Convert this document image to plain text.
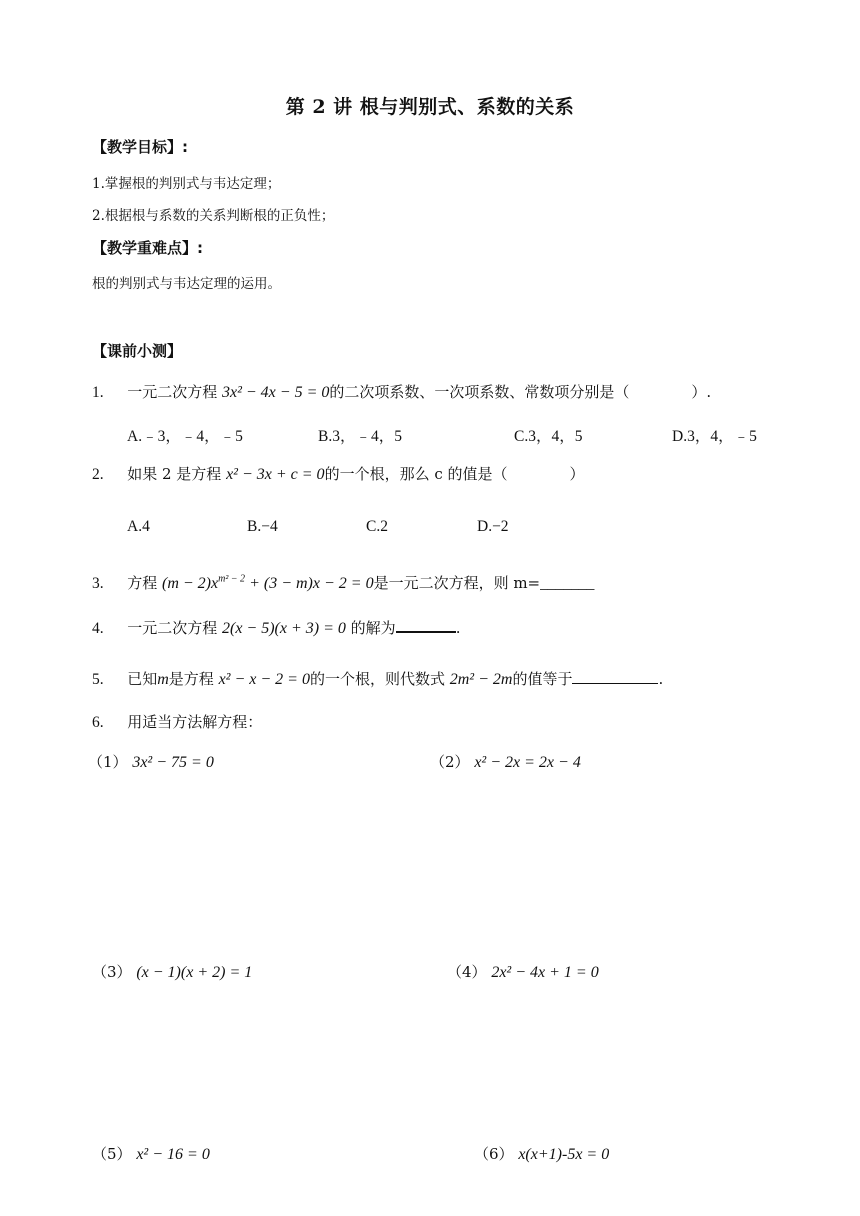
第 2 讲 根与判别式、系数的关系
【教学目标】:
1.掌握根的判别式与韦达定理；
2.根据根与系数的关系判断根的正负性；
【教学重难点】:
根的判别式与韦达定理的运用。
【课前小测】
1. 一元二次方程 3x² − 4x − 5 = 0的二次项系数、一次项系数、常数项分别是（	）.
A.﹣3，﹣4，﹣5	B.3，﹣4，5	C.3，4，5	D.3，4，﹣5
2. 如果 2 是方程 x² − 3x + c = 0的一个根，那么 c 的值是（	）
A.4	B.−4	C.2	D.−2
3. 方程 $(m - 2)x^{m^2 - 2} + (3 - m)x - 2 = 0$是一元二次方程，则 m=_______
4. 一元二次方程 2(x − 5)(x + 3) = 0 的解为	.
5. 已知m是方程 x² − x − 2 = 0的一个根，则代数式 2m² − 2m的值等于	.
6. 用适当方法解方程：
（1） 3x² − 75 = 0	（2） x² − 2x = 2x − 4
（3） (x − 1)(x + 2) = 1	（4） 2x² − 4x + 1 = 0
（5） x² − 16 = 0	（6） x(x+1)-5x = 0
